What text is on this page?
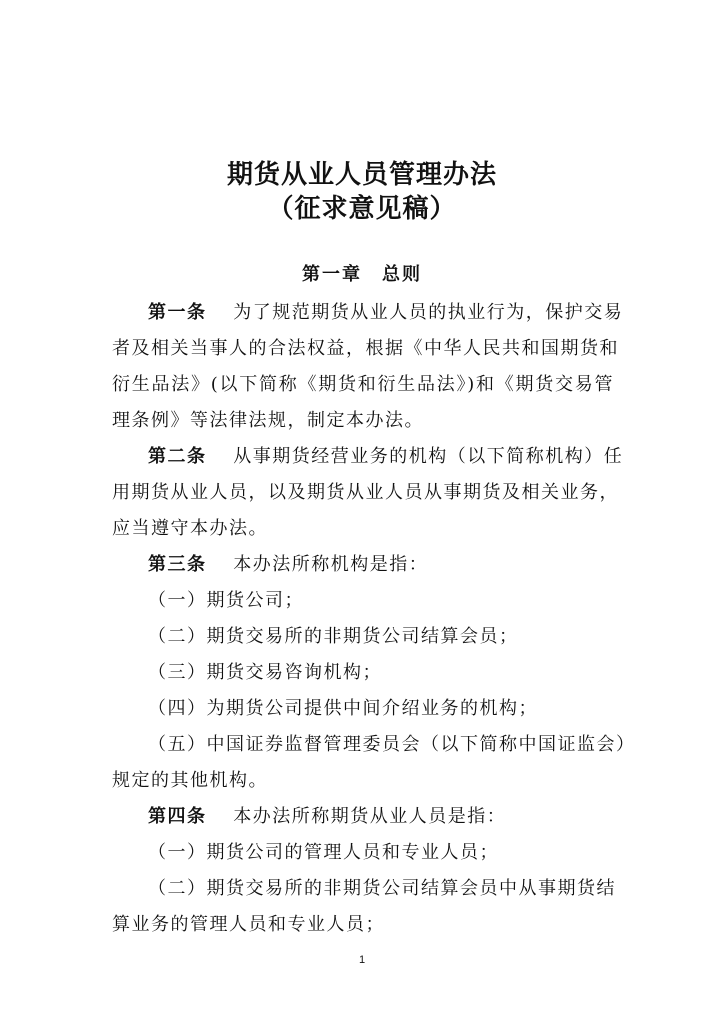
期货从业人员管理办法
（征求意见稿）
第一章　总则
第一条　 为了规范期货从业人员的执业行为，保护交易
者及相关当事人的合法权益，根据《中华人民共和国期货和
衍生品法》(以下简称《期货和衍生品法》)和《期货交易管
理条例》等法律法规，制定本办法。
第二条　 从事期货经营业务的机构（以下简称机构）任
用期货从业人员，以及期货从业人员从事期货及相关业务，
应当遵守本办法。
第三条　 本办法所称机构是指：
（一）期货公司；
（二）期货交易所的非期货公司结算会员；
（三）期货交易咨询机构；
（四）为期货公司提供中间介绍业务的机构；
（五）中国证券监督管理委员会（以下简称中国证监会）
规定的其他机构。
第四条　 本办法所称期货从业人员是指：
（一）期货公司的管理人员和专业人员；
（二）期货交易所的非期货公司结算会员中从事期货结
算业务的管理人员和专业人员；
1
